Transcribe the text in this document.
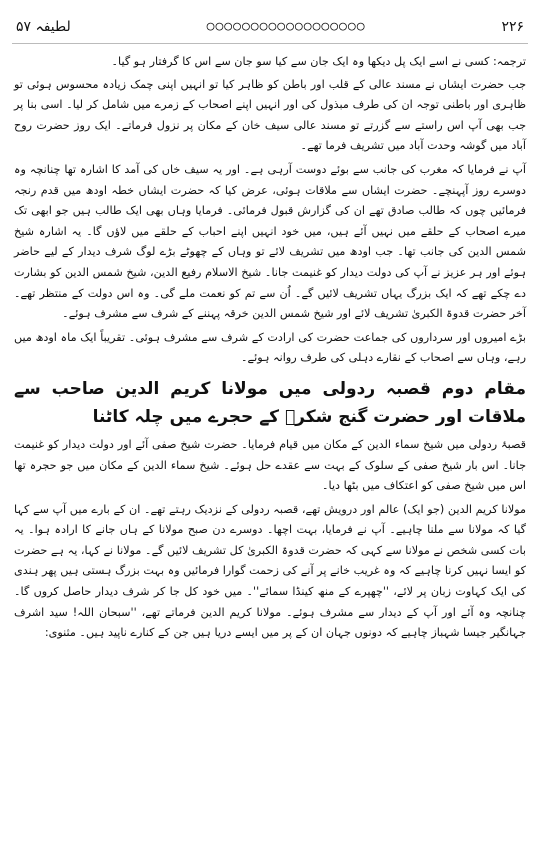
۲۲۶
○○○○○○○○○○○○○○○○○○
لطیفہ ۵۷

ترجمہ: کسی نے اسے ایک پل دیکھا وہ ایک جان سے کیا سو جان سے اس کا گرفتار ہو گیا۔

جب حضرت ایشاں نے مسند عالی کے قلب اور باطن کو ظاہر کیا تو انہیں اپنی چمک زیادہ محسوس ہوئی تو ظاہری اور باطنی توجہ ان کی طرف مبذول کی اور انہیں اپنے اصحاب کے زمرے میں شامل کر لیا۔ اسی بنا پر جب بھی آپ اس راستے سے گزرتے تو مسند عالی سیف خان کے مکان پر نزول فرماتے۔ ایک روز حضرت روح آباد میں گوشہ وحدت آباد میں تشریف فرما تھے۔

آپ نے فرمایا کہ مغرب کی جانب سے بوئے دوست آرہی ہے۔ اور یہ سیف خاں کی آمد کا اشارہ تھا چنانچہ وہ دوسرے روز آپہنچے۔ حضرت ایشاں سے ملاقات ہوئی، عرض کیا کہ حضرت ایشاں خطہ اودھ میں قدم رنجہ فرمائیں چوں کہ طالب صادق تھے ان کی گزارش قبول فرمائی۔ فرمایا وہاں بھی ایک طالب ہیں جو ابھی تک میرے اصحاب کے حلقے میں نہیں آئے ہیں، میں خود انہیں اپنے احباب کے حلقے میں لاؤں گا۔ یہ اشارہ شیخ شمس الدین کی جانب تھا۔ جب اودھ میں تشریف لائے تو وہاں کے چھوٹے بڑے لوگ شرف دیدار کے لیے حاضر ہوئے اور ہر عزیز نے آپ کی دولت دیدار کو غنیمت جانا۔ شیخ الاسلام رفیع الدین، شیخ شمس الدین کو بشارت دے چکے تھے کہ ایک بزرگ یہاں تشریف لائیں گے۔ اُن سے تم کو نعمت ملے گی۔ وہ اس دولت کے منتظر تھے۔ آخر حضرت قدوۃ الکبریٰ تشریف لائے اور شیخ شمس الدین خرقہ پہننے کے شرف سے مشرف ہوئے۔

بڑے امیروں اور سرداروں کی جماعت حضرت کی ارادت کے شرف سے مشرف ہوئی۔ تقریباً ایک ماہ اودھ میں رہے، وہاں سے اصحاب کے نقارے دہلی کی طرف روانہ ہوئے۔

مقام دوم قصبہ ردولی میں مولانا کریم الدین صاحب سے ملاقات اور حضرت گنج شکرؒ کے حجرے میں چلہ کاٹنا

قصبۂ ردولی میں شیخ سماء الدین کے مکان میں قیام فرمایا۔ حضرت شیخ صفی آئے اور دولت دیدار کو غنیمت جانا۔ اس بار شیخ صفی کے سلوک کے بہت سے عقدے حل ہوئے۔ شیخ سماء الدین کے مکان میں جو حجرہ تھا اس میں شیخ صفی کو اعتکاف میں بٹھا دیا۔

مولانا کریم الدین (جو ایک) عالم اور درویش تھے، قصبہ ردولی کے نزدیک رہتے تھے۔ ان کے بارے میں آپ سے کہا گیا کہ مولانا سے ملنا چاہیے۔ آپ نے فرمایا، بہت اچھا۔ دوسرے دن صبح مولانا کے ہاں جانے کا ارادہ ہوا۔ یہ بات کسی شخص نے مولانا سے کہی کہ حضرت قدوۃ الکبریٰ کل تشریف لائیں گے۔ مولانا نے کہا، یہ ہے حضرت کو ایسا نہیں کرنا چاہیے کہ وہ غریب خانے پر آنے کی زحمت گوارا فرمائیں وہ بہت بزرگ ہستی ہیں پھر ہندی کی ایک کہاوت زبان پر لائے، ''چھپرے کے منھ کینڈا سمائے''۔ میں خود کل جا کر شرف دیدار حاصل کروں گا۔ چنانچہ وہ آئے اور آپ کے دیدار سے مشرف ہوئے۔ مولانا کریم الدین فرماتے تھے، ''سبحان اللہ! سید اشرف جہانگیر جیسا شہباز چاہیے کہ دونوں جہان ان کے پر میں ایسے دریا ہیں جن کے کنارے ناپید ہیں۔ مثنوی:
